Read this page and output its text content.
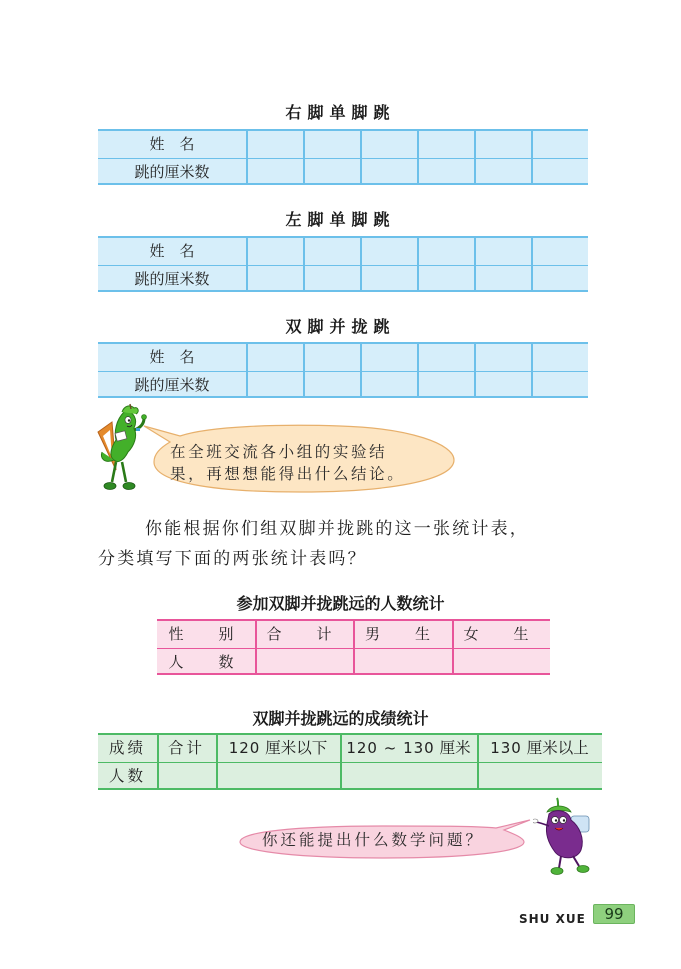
右脚单脚跳
姓　名
跳的厘米数
左脚单脚跳
姓　名
跳的厘米数
双脚并拢跳
姓　名
跳的厘米数
在全班交流各小组的实验结
果，再想想能得出什么结论。
你能根据你们组双脚并拢跳的这一张统计表，
分类填写下面的两张统计表吗？
参加双脚并拢跳远的人数统计
性　别	合　计	男　生	女　生
人　数
双脚并拢跳远的成绩统计
成绩	合计	120 厘米以下	120 ~ 130 厘米	130 厘米以上
人数
你还能提出什么数学问题？
SHU XUE	99
